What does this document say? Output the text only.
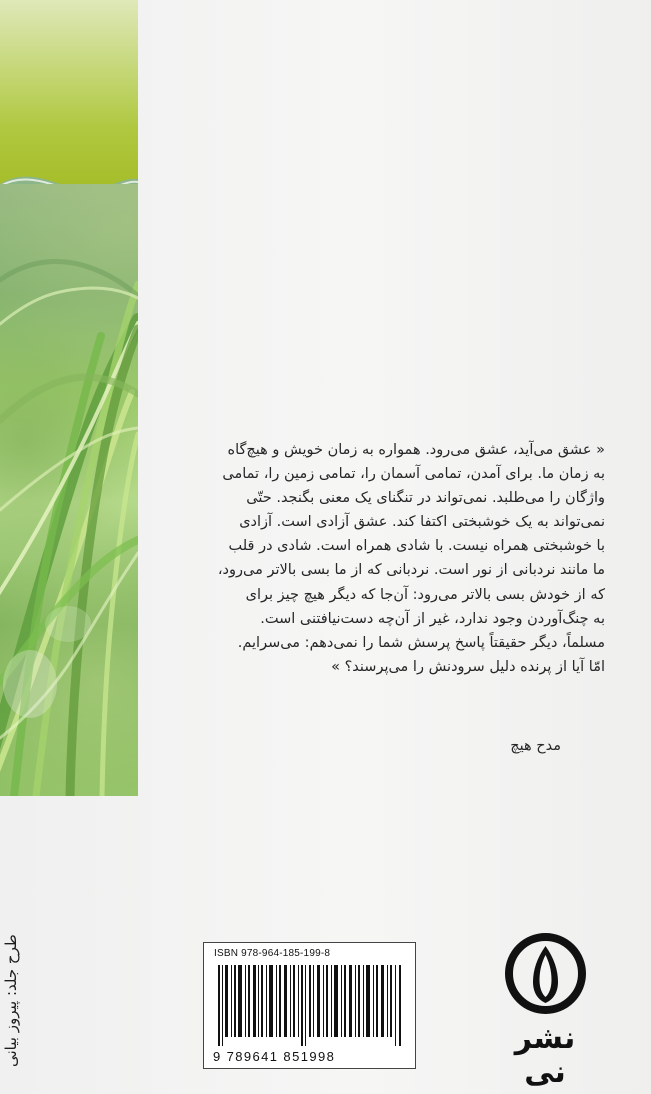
« عشق می‌آید، عشق می‌رود. همواره به زمان خویش و هیچ‌گاه
به زمان ما. برای آمدن، تمامی آسمان را، تمامی زمین را، تمامی
واژگان را می‌طلبد. نمی‌تواند در تنگنای یک معنی بگنجد. حتّی
نمی‌تواند به یک خوشبختی اکتفا کند. عشق آزادی است. آزادی
با خوشبختی همراه نیست. با شادی همراه است. شادی در قلب
ما مانند نردبانی از نور است. نردبانی که از ما بسی بالاتر می‌رود،
که از خودش بسی بالاتر می‌رود: آن‌جا که دیگر هیچ چیز برای
به چنگ‌آوردن وجود ندارد، غیر از آن‌چه دست‌نیافتنی است.
مسلماً، دیگر حقیقتاً پاسخ پرسش شما را نمی‌دهم: می‌سرایم.
امّا آیا از پرنده دلیل سرودنش را می‌پرسند؟ »
مدح هیچ
ISBN 978-964-185-199-8
9 789641 851998
طرح جلد: پیروز بیانی	نشر نی
